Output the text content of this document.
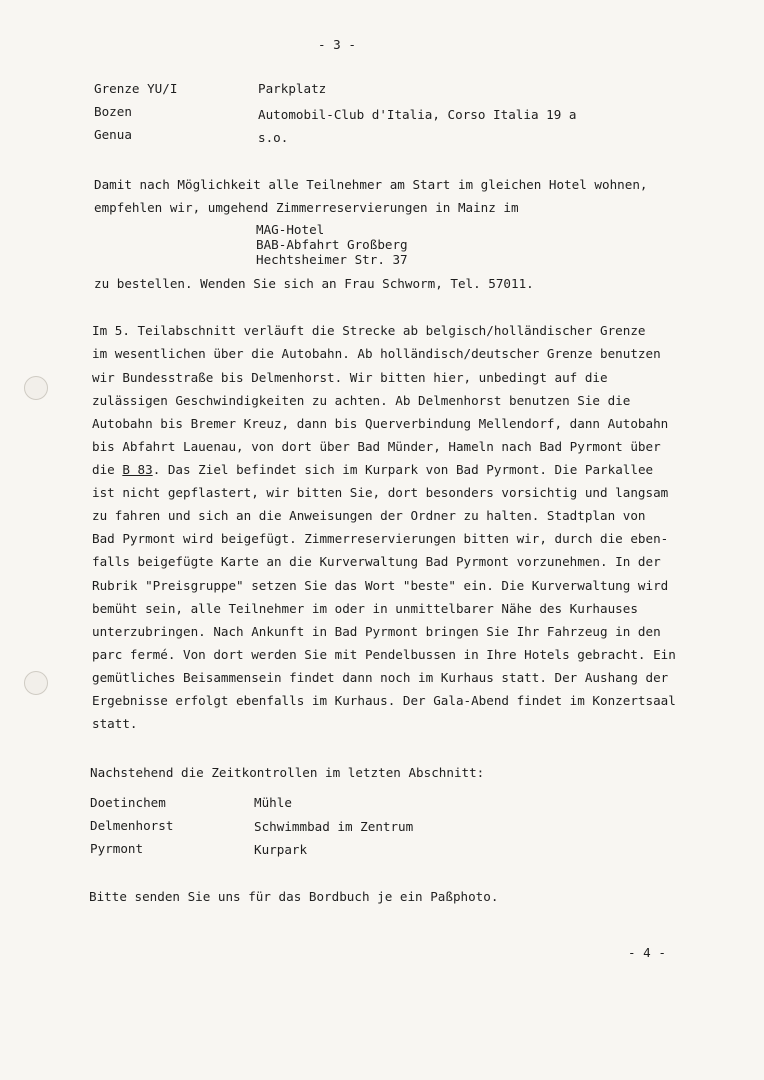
- 3 -
Grenze YU/I	Parkplatz
Bozen	Automobil-Club d'Italia, Corso Italia 19 a
Genua	s.o.
Damit nach Möglichkeit alle Teilnehmer am Start im gleichen Hotel wohnen,
empfehlen wir, umgehend Zimmerreservierungen in Mainz im
MAG-Hotel
BAB-Abfahrt Großberg
Hechtsheimer Str. 37
zu bestellen. Wenden Sie sich an Frau Schworm, Tel. 57011.
Im 5. Teilabschnitt verläuft die Strecke ab belgisch/holländischer Grenze
im wesentlichen über die Autobahn. Ab holländisch/deutscher Grenze benutzen
wir Bundesstraße bis Delmenhorst. Wir bitten hier, unbedingt auf die
zulässigen Geschwindigkeiten zu achten. Ab Delmenhorst benutzen Sie die
Autobahn bis Bremer Kreuz, dann bis Querverbindung Mellendorf, dann Autobahn
bis Abfahrt Lauenau, von dort über Bad Münder, Hameln nach Bad Pyrmont über
die B 83. Das Ziel befindet sich im Kurpark von Bad Pyrmont. Die Parkallee
ist nicht gepflastert, wir bitten Sie, dort besonders vorsichtig und langsam
zu fahren und sich an die Anweisungen der Ordner zu halten. Stadtplan von
Bad Pyrmont wird beigefügt. Zimmerreservierungen bitten wir, durch die eben-
falls beigefügte Karte an die Kurverwaltung Bad Pyrmont vorzunehmen. In der
Rubrik "Preisgruppe" setzen Sie das Wort "beste" ein. Die Kurverwaltung wird
bemüht sein, alle Teilnehmer im oder in unmittelbarer Nähe des Kurhauses
unterzubringen. Nach Ankunft in Bad Pyrmont bringen Sie Ihr Fahrzeug in den
parc fermé. Von dort werden Sie mit Pendelbussen in Ihre Hotels gebracht. Ein
gemütliches Beisammensein findet dann noch im Kurhaus statt. Der Aushang der
Ergebnisse erfolgt ebenfalls im Kurhaus. Der Gala-Abend findet im Konzertsaal
statt.
Nachstehend die Zeitkontrollen im letzten Abschnitt:
Doetinchem	Mühle
Delmenhorst	Schwimmbad im Zentrum
Pyrmont	Kurpark
Bitte senden Sie uns für das Bordbuch je ein Paßphoto.
- 4 -
